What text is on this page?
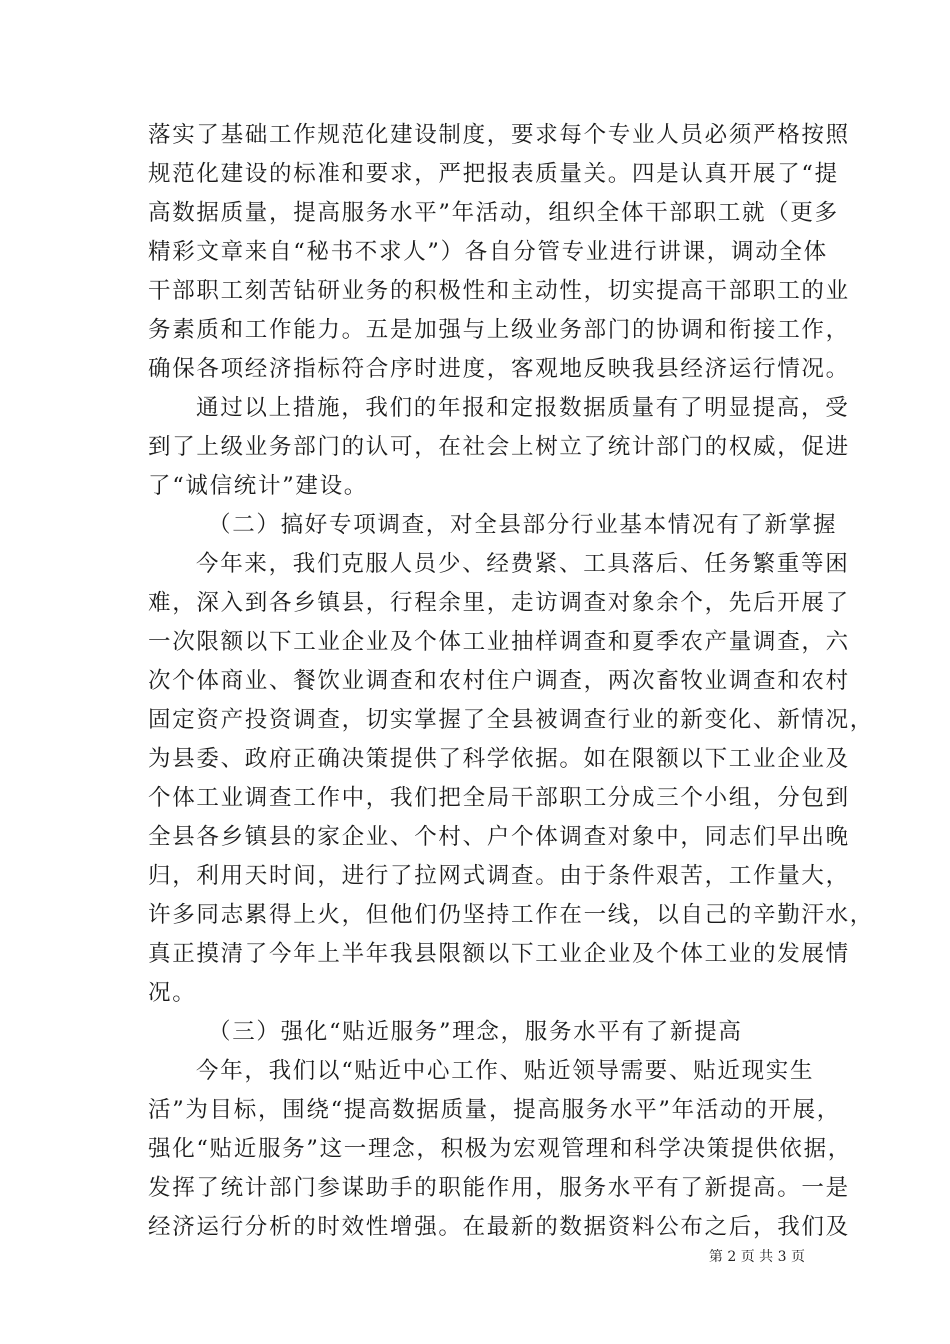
落实了基础工作规范化建设制度，要求每个专业人员必须严格按照
规范化建设的标准和要求，严把报表质量关。四是认真开展了“提
高数据质量，提高服务水平”年活动，组织全体干部职工就（更多
精彩文章来自“秘书不求人”）各自分管专业进行讲课，调动全体
干部职工刻苦钻研业务的积极性和主动性，切实提高干部职工的业
务素质和工作能力。五是加强与上级业务部门的协调和衔接工作，
确保各项经济指标符合序时进度，客观地反映我县经济运行情况。
通过以上措施，我们的年报和定报数据质量有了明显提高，受
到了上级业务部门的认可，在社会上树立了统计部门的权威，促进
了“诚信统计”建设。
（二）搞好专项调查，对全县部分行业基本情况有了新掌握
今年来，我们克服人员少、经费紧、工具落后、任务繁重等困
难，深入到各乡镇县，行程余里，走访调查对象余个，先后开展了
一次限额以下工业企业及个体工业抽样调查和夏季农产量调查，六
次个体商业、餐饮业调查和农村住户调查，两次畜牧业调查和农村
固定资产投资调查，切实掌握了全县被调查行业的新变化、新情况，
为县委、政府正确决策提供了科学依据。如在限额以下工业企业及
个体工业调查工作中，我们把全局干部职工分成三个小组，分包到
全县各乡镇县的家企业、个村、户个体调查对象中，同志们早出晚
归，利用天时间，进行了拉网式调查。由于条件艰苦，工作量大，
许多同志累得上火，但他们仍坚持工作在一线，以自己的辛勤汗水，
真正摸清了今年上半年我县限额以下工业企业及个体工业的发展情
况。
（三）强化“贴近服务”理念，服务水平有了新提高
今年，我们以“贴近中心工作、贴近领导需要、贴近现实生
活”为目标，围绕“提高数据质量，提高服务水平”年活动的开展，
强化“贴近服务”这一理念，积极为宏观管理和科学决策提供依据，
发挥了统计部门参谋助手的职能作用，服务水平有了新提高。一是
经济运行分析的时效性增强。在最新的数据资料公布之后，我们及
第 2 页 共 3 页
